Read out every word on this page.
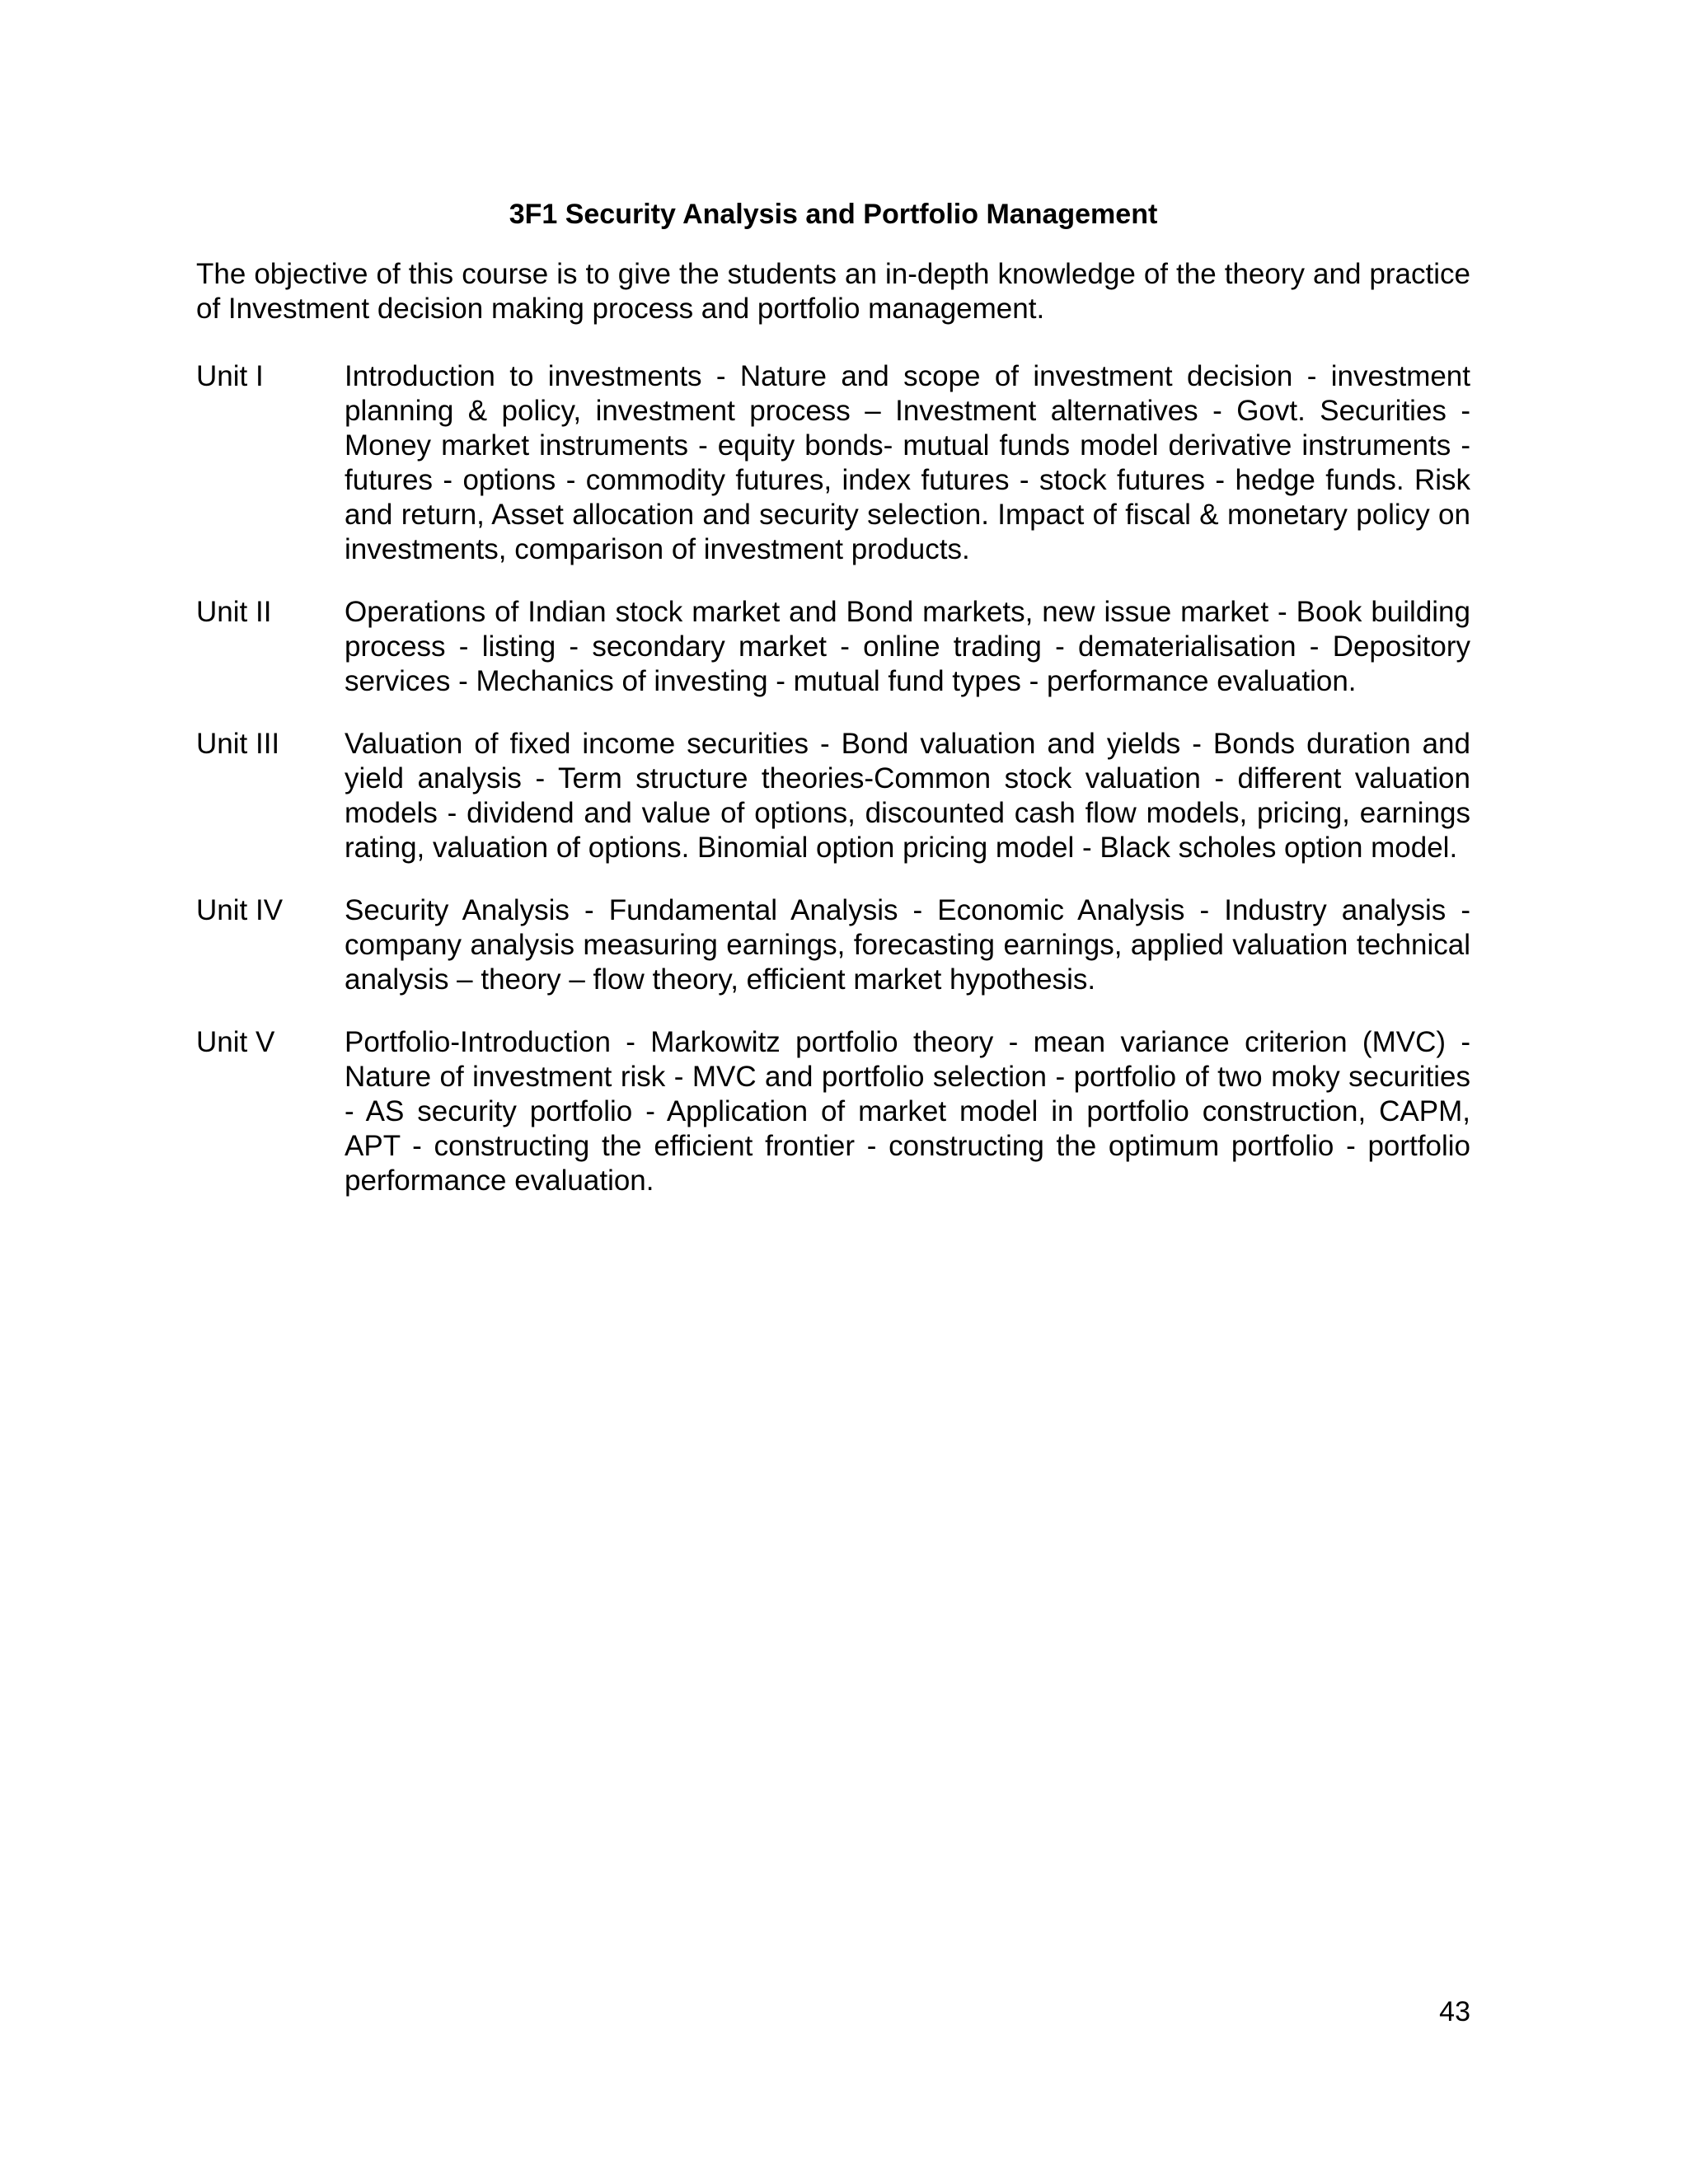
3F1 Security Analysis and Portfolio Management
The objective of this course is to give the students an in-depth knowledge of the theory and practice of Investment decision making process and portfolio management.
Unit I	Introduction to investments - Nature and scope of investment decision - investment planning & policy, investment process – Investment alternatives - Govt. Securities - Money market instruments - equity bonds- mutual funds model derivative instruments - futures - options - commodity futures, index futures - stock futures - hedge funds. Risk and return, Asset allocation and security selection. Impact of fiscal & monetary policy on investments, comparison of investment products.
Unit II	Operations of Indian stock market and Bond markets, new issue market - Book building process - listing - secondary market - online trading - dematerialisation - Depository services - Mechanics of investing - mutual fund types - performance evaluation.
Unit III	Valuation of fixed income securities - Bond valuation and yields - Bonds duration and yield analysis - Term structure theories-Common stock valuation - different valuation models - dividend and value of options, discounted cash flow models, pricing, earnings rating, valuation of options. Binomial option pricing model - Black scholes option model.
Unit IV	Security Analysis - Fundamental Analysis - Economic Analysis - Industry analysis - company analysis measuring earnings, forecasting earnings, applied valuation technical analysis – theory – flow theory, efficient market hypothesis.
Unit V	Portfolio-Introduction - Markowitz portfolio theory - mean variance criterion (MVC) - Nature of investment risk - MVC and portfolio selection - portfolio of two moky securities - AS security portfolio - Application of market model in portfolio construction, CAPM, APT - constructing the efficient frontier - constructing the optimum portfolio - portfolio performance evaluation.
43
